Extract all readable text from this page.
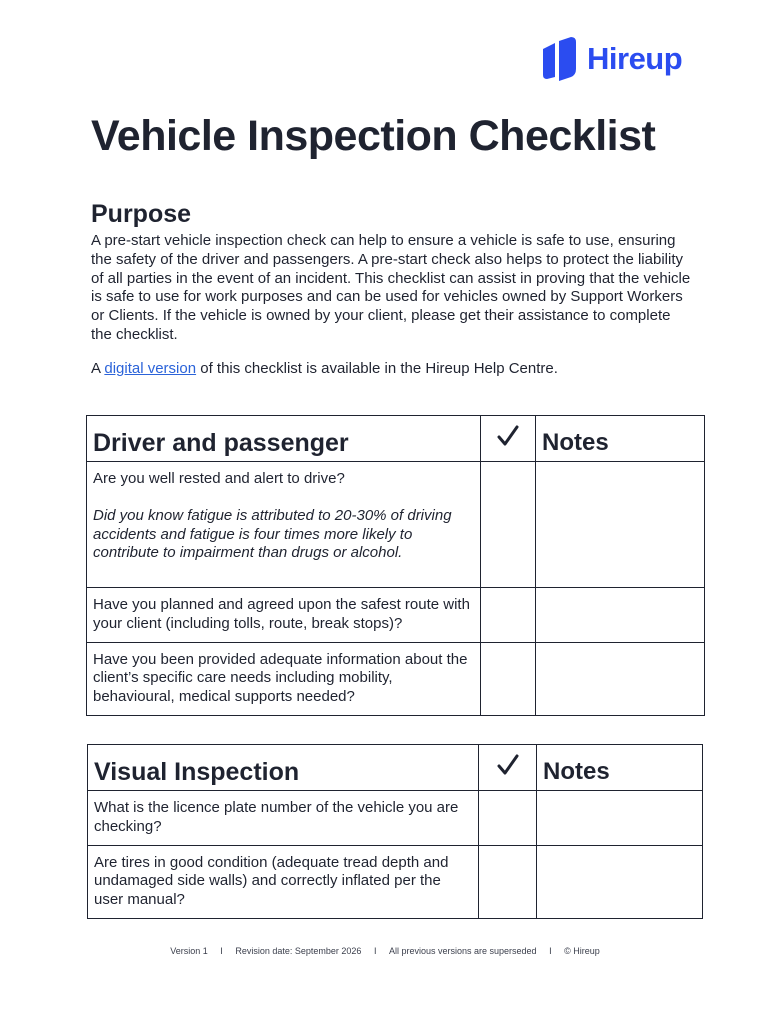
Hireup
Vehicle Inspection Checklist
Purpose

A pre-start vehicle inspection check can help to ensure a vehicle is safe to use, ensuring the safety of the driver and passengers. A pre-start check also helps to protect the liability of all parties in the event of an incident. This checklist can assist in proving that the vehicle is safe to use for work purposes and can be used for vehicles owned by Support Workers or Clients. If the vehicle is owned by your client, please get their assistance to complete the checklist.

A digital version of this checklist is available in the Hireup Help Centre.

Driver and passenger		Notes

Are you well rested and alert to drive?

Did you know fatigue is attributed to 20-30% of driving accidents and fatigue is four times more likely to contribute to impairment than drugs or alcohol.		

Have you planned and agreed upon the safest route with your client (including tolls, route, break stops)?		

Have you been provided adequate information about the client’s specific care needs including mobility, behavioural, medical supports needed?		

Visual Inspection		Notes

What is the licence plate number of the vehicle you are checking?		

Are tires in good condition (adequate tread depth and undamaged side walls) and correctly inflated per the user manual?		

Version 1 I Revision date: September 2026 I All previous versions are superseded I © Hireup
